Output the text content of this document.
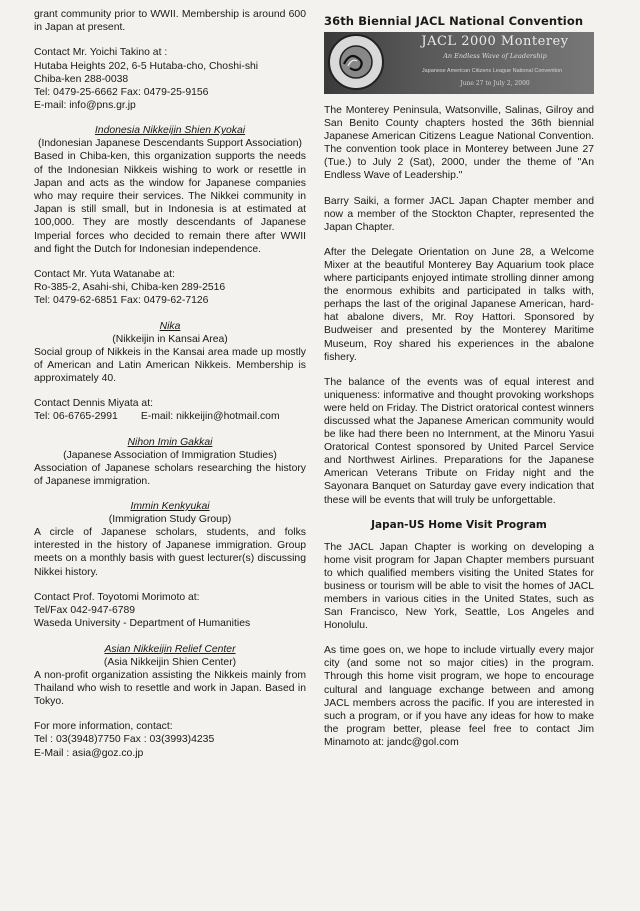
grant community prior to WWII. Membership is around 600 in Japan at present.

Contact Mr. Yoichi Takino at :

Hutaba Heights 202, 6-5 Hutaba-cho, Choshi-shi

Chiba-ken 288-0038

Tel: 0479-25-6662 Fax: 0479-25-9156

E-mail: info@pns.gr.jp

Indonesia Nikkeijin Shien Kyokai

(Indonesian Japanese Descendants Support Association)

Based in Chiba-ken, this organization supports the needs of the Indonesian Nikkeis wishing to work or resettle in Japan and acts as the window for Japanese companies who may require their services. The Nikkei community in Japan is still small, but in Indonesia is at estimated at 100,000. They are mostly descendants of Japanese Imperial forces who decided to remain there after WWII and fight the Dutch for Indonesian independence.

Contact Mr. Yuta Watanabe at:

Ro-385-2, Asahi-shi, Chiba-ken 289-2516

Tel: 0479-62-6851 Fax: 0479-62-7126

Nika

(Nikkeijin in Kansai Area)

Social group of Nikkeis in the Kansai area made up mostly of American and Latin American Nikkeis. Membership is approximately 40.

Contact Dennis Miyata at:

Tel: 06-6765-2991        E-mail: nikkeijin@hotmail.com

Nihon Imin Gakkai

(Japanese Association of Immigration Studies)

Association of Japanese scholars researching the history of Japanese immigration.

Immin Kenkyukai

(Immigration Study Group)

A circle of Japanese scholars, students, and folks interested in the history of Japanese immigration. Group meets on a monthly basis with guest lecturer(s) discussing Nikkei history.

Contact Prof. Toyotomi Morimoto at:

Tel/Fax 042-947-6789

Waseda University - Department of Humanities

Asian Nikkeijin Relief Center

(Asia Nikkeijin Shien Center)

A non-profit organization assisting the Nikkeis mainly from Thailand who wish to resettle and work in Japan. Based in Tokyo.

For more information, contact:

Tel : 03(3948)7750 Fax : 03(3993)4235

E-Mail : asia@goz.co.jp

36th Biennial JACL National Convention
JACL 2000 Monterey
An Endless Wave of Leadership
Japanese American Citizens League National Convention
June 27 to July 2, 2000

The Monterey Peninsula, Watsonville, Salinas, Gilroy and San Benito County chapters hosted the 36th biennial Japanese American Citizens League National Convention. The convention took place in Monterey between June 27 (Tue.) to July 2 (Sat), 2000, under the theme of "An Endless Wave of Leadership."

Barry Saiki, a former JACL Japan Chapter member and now a member of the Stockton Chapter, represented the Japan Chapter.

After the Delegate Orientation on June 28, a Welcome Mixer at the beautiful Monterey Bay Aquarium took place where participants enjoyed intimate strolling dinner among the enormous exhibits and participated in talks with, perhaps the last of the original Japanese American, hard-hat abalone divers, Mr. Roy Hattori. Sponsored by Budweiser and presented by the Monterey Maritime Museum, Roy shared his experiences in the abalone fishery.

The balance of the events was of equal interest and uniqueness: informative and thought provoking workshops were held on Friday. The District oratorical contest winners discussed what the Japanese American community would be like had there been no Internment, at the Minoru Yasui Oratorical Contest sponsored by United Parcel Service and Northwest Airlines. Preparations for the Japanese American Veterans Tribute on Friday night and the Sayonara Banquet on Saturday gave every indication that these will be events that will truly be unforgettable.

Japan-US Home Visit Program

The JACL Japan Chapter is working on developing a home visit program for Japan Chapter members pursuant to which qualified members visiting the United States for business or tourism will be able to visit the homes of JACL members in various cities in the United States, such as San Francisco, New York, Seattle, Los Angeles and Honolulu.

As time goes on, we hope to include virtually every major city (and some not so major cities) in the program. Through this home visit program, we hope to encourage cultural and language exchange between and among JACL members across the pacific. If you are interested in such a program, or if you have any ideas for how to make the program better, please feel free to contact Jim Minamoto at: jandc@gol.com
